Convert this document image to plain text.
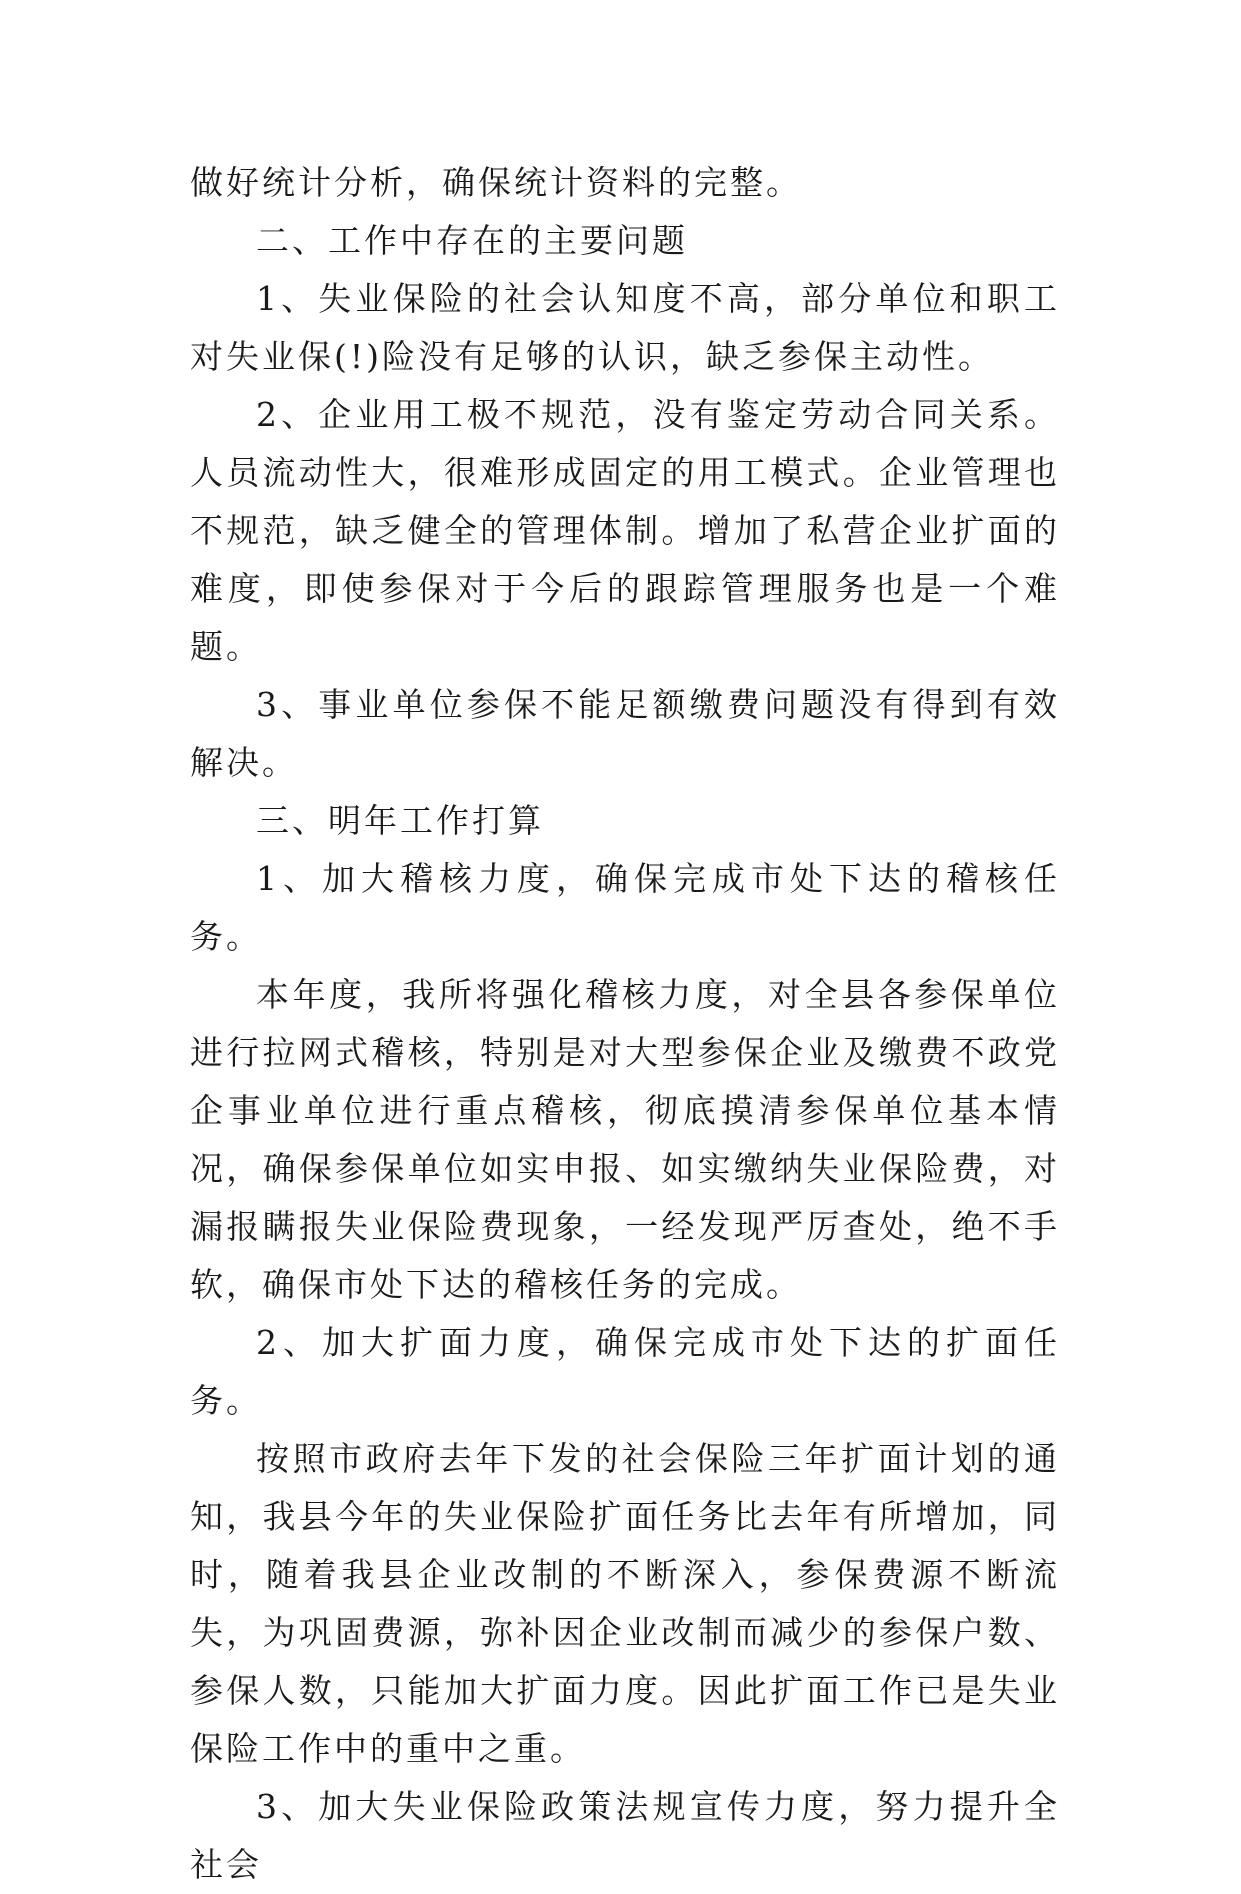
做好统计分析，确保统计资料的完整。

二、工作中存在的主要问题

1、失业保险的社会认知度不高，部分单位和职工对失业保(!)险没有足够的认识，缺乏参保主动性。

2、企业用工极不规范，没有鉴定劳动合同关系。人员流动性大，很难形成固定的用工模式。企业管理也不规范，缺乏健全的管理体制。增加了私营企业扩面的难度，即使参保对于今后的跟踪管理服务也是一个难题。

3、事业单位参保不能足额缴费问题没有得到有效解决。

三、明年工作打算

1、加大稽核力度，确保完成市处下达的稽核任务。

本年度，我所将强化稽核力度，对全县各参保单位进行拉网式稽核，特别是对大型参保企业及缴费不政党企事业单位进行重点稽核，彻底摸清参保单位基本情况，确保参保单位如实申报、如实缴纳失业保险费，对漏报瞒报失业保险费现象，一经发现严厉查处，绝不手软，确保市处下达的稽核任务的完成。

2、加大扩面力度，确保完成市处下达的扩面任务。

按照市政府去年下发的社会保险三年扩面计划的通知，我县今年的失业保险扩面任务比去年有所增加，同时，随着我县企业改制的不断深入，参保费源不断流失，为巩固费源，弥补因企业改制而减少的参保户数、参保人数，只能加大扩面力度。因此扩面工作已是失业保险工作中的重中之重。

3、加大失业保险政策法规宣传力度，努力提升全社会
